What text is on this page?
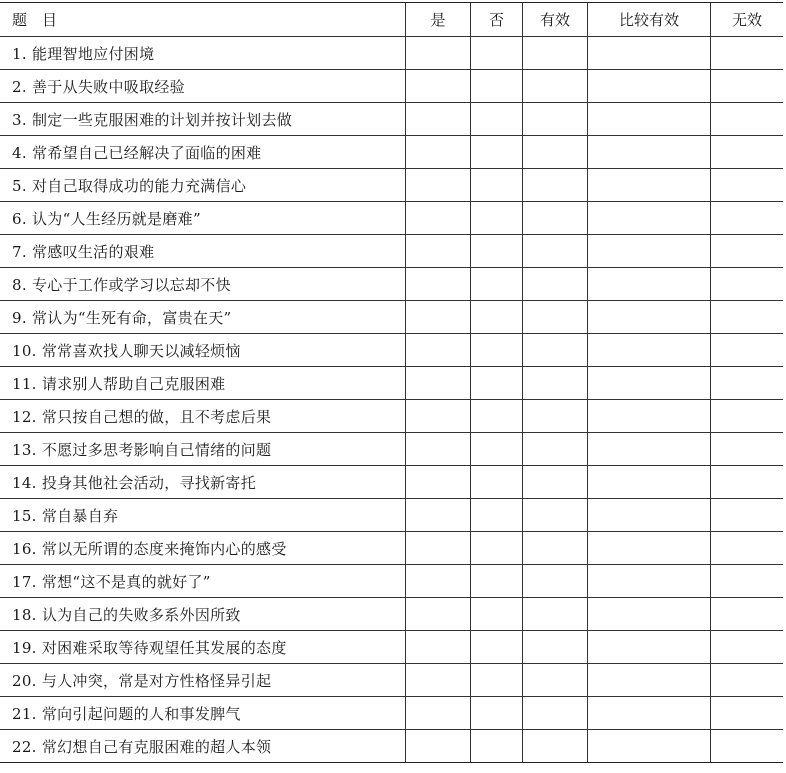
题　目	是	否	有效	比较有效	无效
1. 能理智地应付困境					
2. 善于从失败中吸取经验					
3. 制定一些克服困难的计划并按计划去做					
4. 常希望自己已经解决了面临的困难					
5. 对自己取得成功的能力充满信心					
6. 认为“人生经历就是磨难”					
7. 常感叹生活的艰难					
8. 专心于工作或学习以忘却不快					
9. 常认为“生死有命，富贵在天”					
10. 常常喜欢找人聊天以减轻烦恼					
11. 请求别人帮助自己克服困难					
12. 常只按自己想的做，且不考虑后果					
13. 不愿过多思考影响自己情绪的问题					
14. 投身其他社会活动，寻找新寄托					
15. 常自暴自弃					
16. 常以无所谓的态度来掩饰内心的感受					
17. 常想“这不是真的就好了”					
18. 认为自己的失败多系外因所致					
19. 对困难采取等待观望任其发展的态度					
20. 与人冲突，常是对方性格怪异引起					
21. 常向引起问题的人和事发脾气					
22. 常幻想自己有克服困难的超人本领					
